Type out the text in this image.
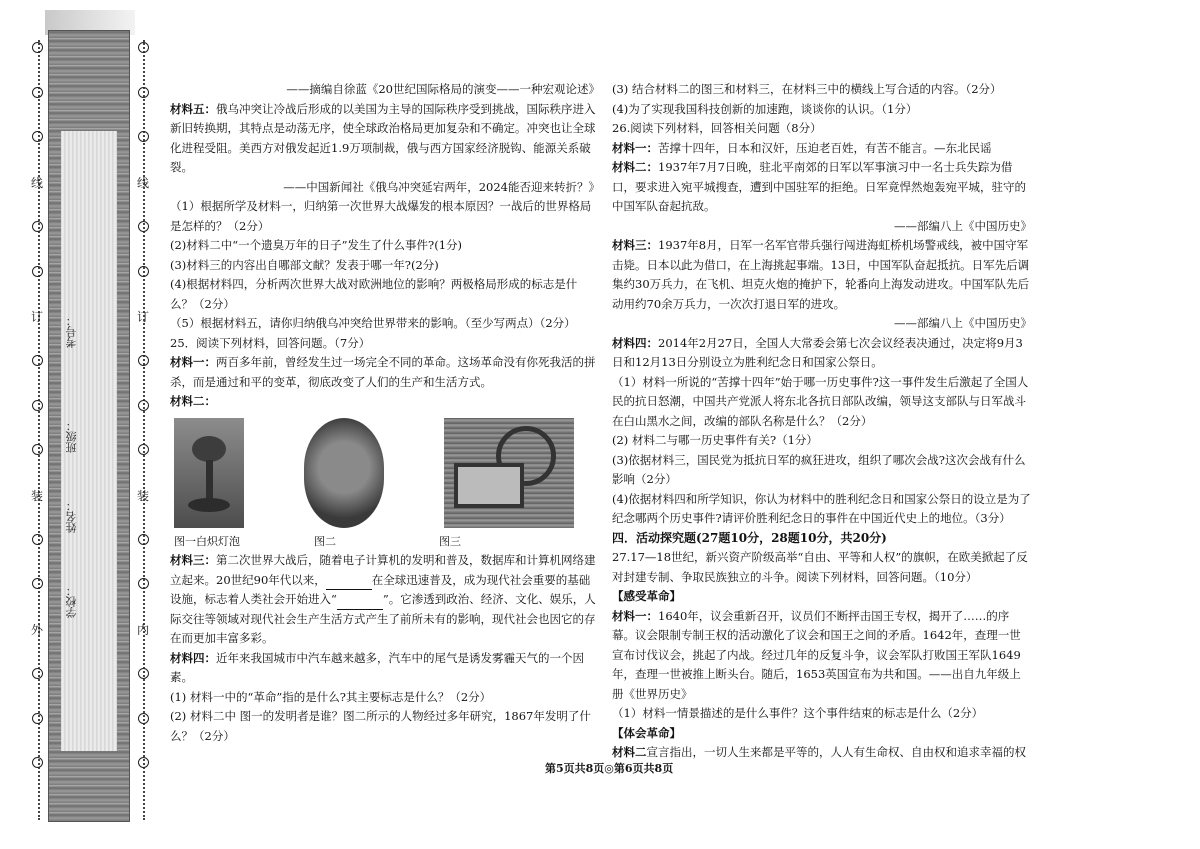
线
订
装
外
线
订
装
内
考号：
班级：
姓名：
学校：

——摘编自徐蓝《20世纪国际格局的演变——一种宏观论述》

材料五：俄乌冲突让冷战后形成的以美国为主导的国际秩序受到挑战，国际秩序进入新旧转换期，其特点是动荡无序，使全球政治格局更加复杂和不确定。冲突也让全球化进程受阻。美西方对俄发起近1.9万项制裁，俄与西方国家经济脱钩、能源关系破裂。

——中国新闻社《俄乌冲突延宕两年，2024能否迎来转折？》

（1）根据所学及材料一，归纳第一次世界大战爆发的根本原因？一战后的世界格局是怎样的？（2分）

(2)材料二中“一个遗臭万年的日子”发生了什么事件?(1分)

(3)材料三的内容出自哪部文献？发表于哪一年?(2分)

(4)根据材料四，分析两次世界大战对欧洲地位的影响？两极格局形成的标志是什么？（2分）

（5）根据材料五，请你归纳俄乌冲突给世界带来的影响。（至少写两点）（2分）

25．阅读下列材料，回答问题。（7分）

材料一：两百多年前，曾经发生过一场完全不同的革命。这场革命没有你死我活的拼杀，而是通过和平的变革，彻底改变了人们的生产和生活方式。

材料二：

图一白炽灯泡	图二	图三

材料三：第二次世界大战后，随着电子计算机的发明和普及，数据库和计算机网络建立起来。20世纪90年代以来，	在全球迅速普及，成为现代社会重要的基础设施，标志着人类社会开始进入“	”。它渗透到政治、经济、文化、娱乐，人际交往等领域对现代社会生产生活方式产生了前所未有的影响，现代社会也因它的存在而更加丰富多彩。

材料四：近年来我国城市中汽车越来越多，汽车中的尾气是诱发雾霾天气的一个因素。

(1) 材料一中的“革命”指的是什么?其主要标志是什么？（2分）

(2) 材料二中 图一的发明者是谁？图二所示的人物经过多年研究，1867年发明了什么？（2分）

(3) 结合材料二的图三和材料三，在材料三中的横线上写合适的内容。（2分）

(4)为了实现我国科技创新的加速跑，谈谈你的认识。（1分）

26.阅读下列材料，回答相关问题（8分）

材料一：苦撑十四年，日本和汉奸，压迫老百姓，有苦不能言。—东北民谣

材料二：1937年7月7日晚，驻北平南郊的日军以军事演习中一名士兵失踪为借口，要求进入宛平城搜查，遭到中国驻军的拒绝。日军竟悍然炮轰宛平城，驻守的中国军队奋起抗敌。

——部编八上《中国历史》

材料三：1937年8月，日军一名军官带兵强行闯进海虹桥机场警戒线，被中国守军击毙。日本以此为借口，在上海挑起事端。13日，中国军队奋起抵抗。日军先后调集约30万兵力，在飞机、坦克火炮的掩护下，轮番向上海发动进攻。中国军队先后动用约70余万兵力，一次次打退日军的进攻。

——部编八上《中国历史》

材料四：2014年2月27日，全国人大常委会第七次会议经表决通过，决定将9月3日和12月13日分别设立为胜利纪念日和国家公祭日。

（1）材料一所说的“苦撑十四年”始于哪一历史事件?这一事件发生后激起了全国人民的抗日怒潮，中国共产党派人将东北各抗日部队改编，领导这支部队与日军战斗在白山黑水之间，改编的部队名称是什么？（2分）

(2) 材料二与哪一历史事件有关?（1分）

(3)依据材料三，国民党为抵抗日军的疯狂进攻，组织了哪次会战?这次会战有什么影响（2分）

(4)依据材料四和所学知识，你认为材料中的胜利纪念日和国家公祭日的设立是为了纪念哪两个历史事件?请评价胜利纪念日的事件在中国近代史上的地位。（3分）

四．活动探究题(27题10分，28题10分，共20分)

27.17—18世纪，新兴资产阶级高举“自由、平等和人权”的旗帜，在欧美掀起了反对封建专制、争取民族独立的斗争。阅读下列材料，回答问题。（10分）

【感受革命】

材料一：1640年，议会重新召开，议员们不断抨击国王专权，揭开了……的序幕。议会限制专制王权的活动激化了议会和国王之间的矛盾。1642年，查理一世宣布讨伐议会，挑起了内战。经过几年的反复斗争，议会军队打败国王军队1649年，查理一世被推上断头台。随后，1653英国宣布为共和国。——出自九年级上册《世界历史》

（1）材料一情景描述的是什么事件？这个事件结束的标志是什么（2分）

【体会革命】

材料二宣言指出，一切人生来都是平等的，人人有生命权、自由权和追求幸福的权

第5页共8页◎第6页共8页
